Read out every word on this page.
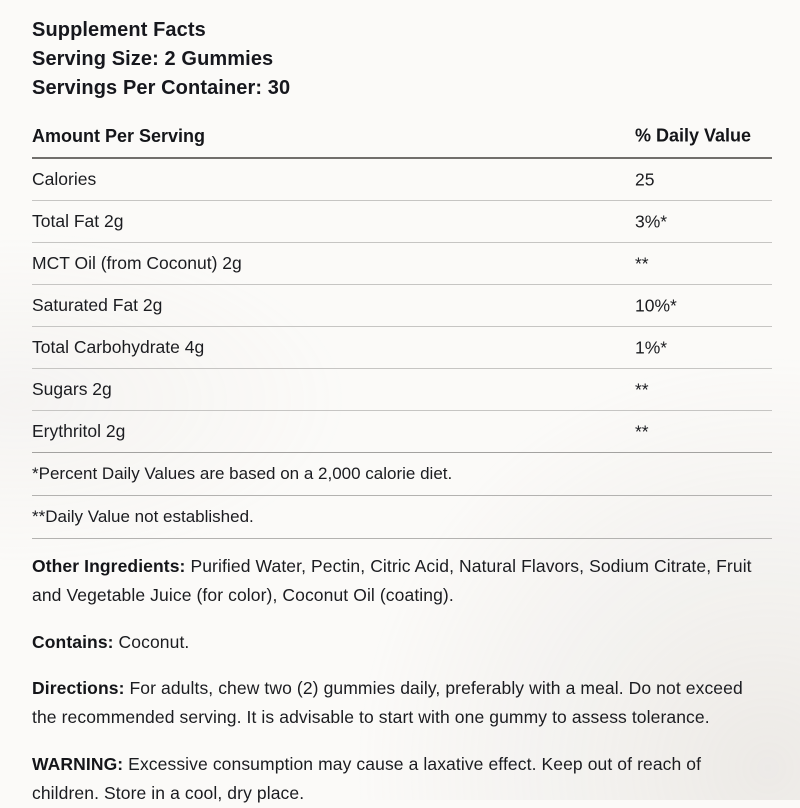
Supplement Facts
Serving Size: 2 Gummies
Servings Per Container: 30
Amount Per Serving	% Daily Value
Calories	25
Total Fat 2g	3%*
MCT Oil (from Coconut) 2g	**
Saturated Fat 2g	10%*
Total Carbohydrate 4g	1%*
Sugars 2g	**
Erythritol 2g	**
*Percent Daily Values are based on a 2,000 calorie diet.
**Daily Value not established.

Other Ingredients: Purified Water, Pectin, Citric Acid, Natural Flavors, Sodium Citrate, Fruit and Vegetable Juice (for color), Coconut Oil (coating).

Contains: Coconut.

Directions: For adults, chew two (2) gummies daily, preferably with a meal. Do not exceed the recommended serving. It is advisable to start with one gummy to assess tolerance.

WARNING: Excessive consumption may cause a laxative effect. Keep out of reach of children. Store in a cool, dry place.
